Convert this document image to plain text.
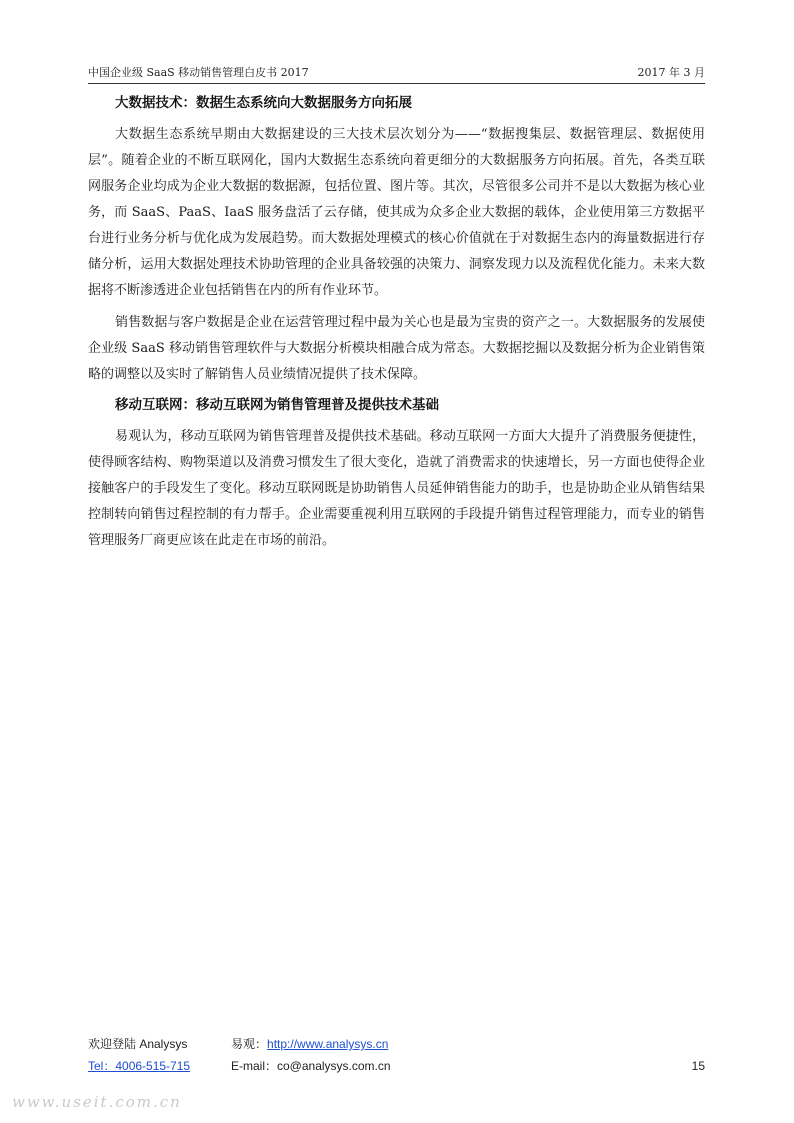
中国企业级 SaaS 移动销售管理白皮书 2017	2017 年 3 月
大数据技术：数据生态系统向大数据服务方向拓展

大数据生态系统早期由大数据建设的三大技术层次划分为——“数据搜集层、数据管理层、数据使用层”。随着企业的不断互联网化，国内大数据生态系统向着更细分的大数据服务方向拓展。首先，各类互联网服务企业均成为企业大数据的数据源，包括位置、图片等。其次，尽管很多公司并不是以大数据为核心业务，而 SaaS、PaaS、IaaS 服务盘活了云存储，使其成为众多企业大数据的载体，企业使用第三方数据平台进行业务分析与优化成为发展趋势。而大数据处理模式的核心价值就在于对数据生态内的海量数据进行存储分析，运用大数据处理技术协助管理的企业具备较强的决策力、洞察发现力以及流程优化能力。未来大数据将不断渗透进企业包括销售在内的所有作业环节。

销售数据与客户数据是企业在运营管理过程中最为关心也是最为宝贵的资产之一。大数据服务的发展使企业级 SaaS 移动销售管理软件与大数据分析模块相融合成为常态。大数据挖掘以及数据分析为企业销售策略的调整以及实时了解销售人员业绩情况提供了技术保障。

移动互联网：移动互联网为销售管理普及提供技术基础

易观认为，移动互联网为销售管理普及提供技术基础。移动互联网一方面大大提升了消费服务便捷性，使得顾客结构、购物渠道以及消费习惯发生了很大变化，造就了消费需求的快速增长，另一方面也使得企业接触客户的手段发生了变化。移动互联网既是协助销售人员延伸销售能力的助手，也是协助企业从销售结果控制转向销售过程控制的有力帮手。企业需要重视利用互联网的手段提升销售过程管理能力，而专业的销售管理服务厂商更应该在此走在市场的前沿。

欢迎登陆 Analysys	易观：http://www.analysys.cn
Tel：4006-515-715	E-mail：co@analysys.com.cn	15
www.useit.com.cn
